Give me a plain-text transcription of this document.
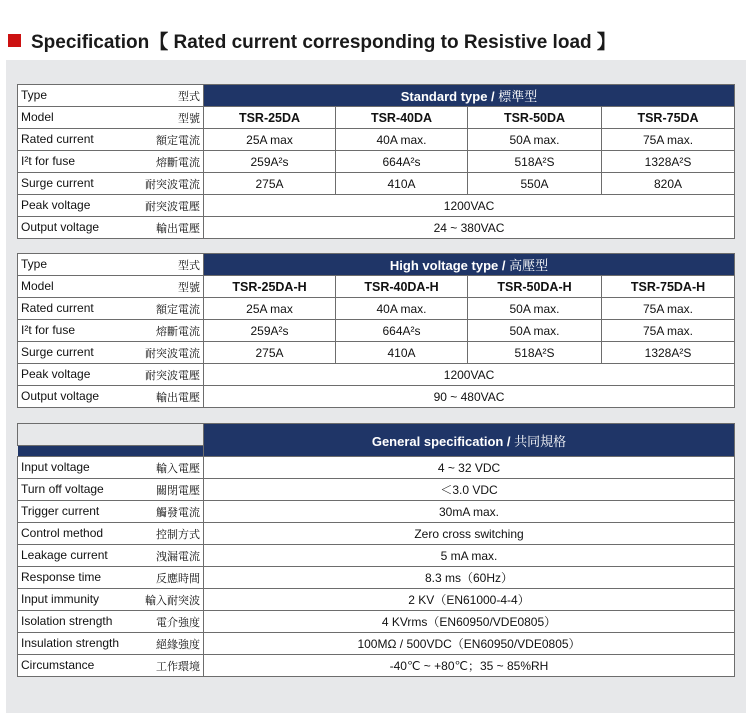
Specification【 Rated current corresponding to Resistive load 】
Type 型式	Standard type / 標準型			

Model 型號	TSR-25DA	TSR-40DA	TSR-50DA	TSR-75DA

Rated current 額定電流	25A max	40A max.	50A max.	75A max.

I²t for fuse 熔斷電流	259A²s	664A²s	518A²S	1328A²S

Surge current 耐突波電流	275A	410A	550A	820A

Peak voltage 耐突波電壓	1200VAC			

Output voltage 輸出電壓	24 ~ 380VAC			
Type 型式	High voltage type / 高壓型			

Model 型號	TSR-25DA-H	TSR-40DA-H	TSR-50DA-H	TSR-75DA-H

Rated current 額定電流	25A max	40A max.	50A max.	75A max.

I²t for fuse 熔斷電流	259A²s	664A²s	50A max.	75A max.

Surge current 耐突波電流	275A	410A	518A²S	1328A²S

Peak voltage 耐突波電壓	1200VAC			

Output voltage 輸出電壓	90 ~ 480VAC			
	General specification / 共同規格

Input voltage 輸入電壓	4 ~ 32 VDC

Turn off voltage 關閉電壓	＜3.0 VDC

Trigger current 觸發電流	30mA max.

Control method 控制方式	Zero cross switching

Leakage current 洩漏電流	5 mA max.

Response time 反應時間	8.3 ms（60Hz）

Input immunity 輸入耐突波	2 KV（EN61000-4-4）

Isolation strength 電介強度	4 KVrms（EN60950/VDE0805）

Insulation strength 絕緣強度	100MΩ / 500VDC（EN60950/VDE0805）

Circumstance 工作環境	-40℃ ~ +80℃；35 ~ 85%RH
